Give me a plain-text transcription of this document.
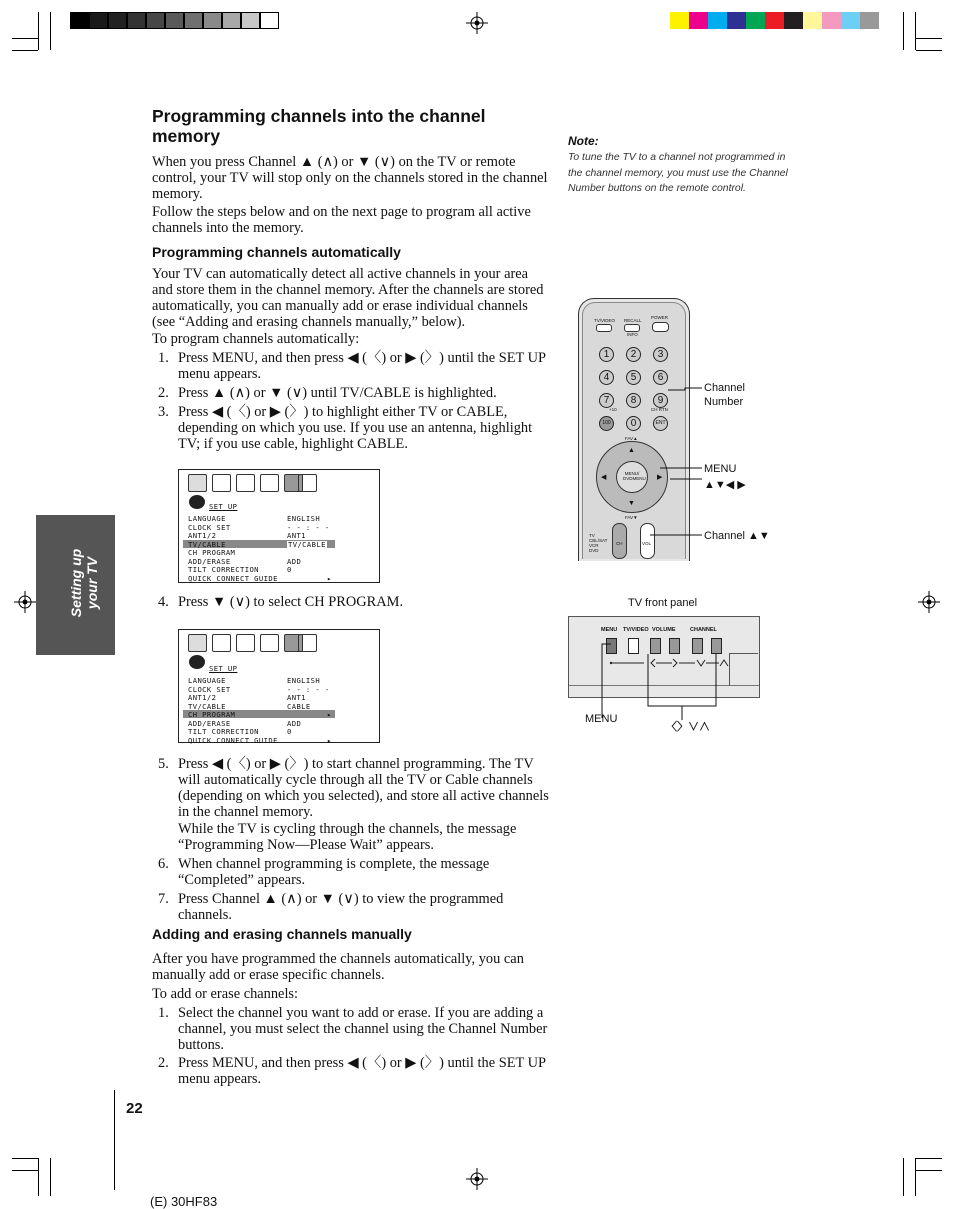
Programming channels into the channel memory

When you press Channel ▲ (∧) or ▼ (∨) on the TV or remote control, your TV will stop only on the channels stored in the channel memory.

Follow the steps below and on the next page to program all active channels into the memory.

Programming channels automatically

Your TV can automatically detect all active channels in your area and store them in the channel memory. After the channels are stored automatically, you can manually add or erase individual channels (see “Adding and erasing channels manually,” below).

To program channels automatically:

1. Press MENU, and then press ◀ (〈) or ▶ (〉) until the SET UP menu appears.
2. Press ▲ (∧) or ▼ (∨) until TV/CABLE is highlighted.
3. Press ◀ (〈) or ▶ (〉) to highlight either TV or CABLE, depending on which you use. If you use an antenna, highlight TV; if you use cable, highlight CABLE.
SET UP
LANGUAGE	ENGLISH
CLOCK SET	- - : - -
ANT1/2	ANT1
TV/CABLE	TV/CABLE
CH PROGRAM
ADD/ERASE	ADD
TILT CORRECTION	0
QUICK CONNECT GUIDE	▸
4. Press ▼ (∨) to select CH PROGRAM.
SET UP
LANGUAGE	ENGLISH
CLOCK SET	- - : - -
ANT1/2	ANT1
TV/CABLE	CABLE
CH PROGRAM	▸
ADD/ERASE	ADD
TILT CORRECTION	0
QUICK CONNECT GUIDE	▸
5. Press ◀ (〈) or ▶ (〉) to start channel programming. The TV will automatically cycle through all the TV or Cable channels (depending on which you selected), and store all active channels in the channel memory.
While the TV is cycling through the channels, the message “Programming Now—Please Wait” appears.
6. When channel programming is complete, the message “Completed” appears.
7. Press Channel ▲ (∧) or ▼ (∨) to view the programmed channels.
Adding and erasing channels manually

After you have programmed the channels automatically, you can manually add or erase specific channels.

To add or erase channels:

1. Select the channel you want to add or erase. If you are adding a channel, you must select the channel using the Channel Number buttons.
2. Press MENU, and then press ◀ (〈) or ▶ (〉) until the SET UP menu appears.
Note:
To tune the TV to a channel not programmed in the channel memory, you must use the Channel Number buttons on the remote control.
Setting up your TV
TV/VIDEO RECALL
POWER
INFO
1	2	3
4	5	6
7	8	9
100	0	ENT
+10	CH RTN
FAV▲
MENU/ DVDMENU
◀	▶
▲
▼
FAV▼
CH	VOL
TV
CBL/SAT
VCR
DVD
Channel Number
MENU
▲▼◀ ▶
Channel ▲▼
TV front panel
MENU TV/VIDEO VOLUME	CHANNEL
MENU
〈〉∨∧
22
(E) 30HF83
